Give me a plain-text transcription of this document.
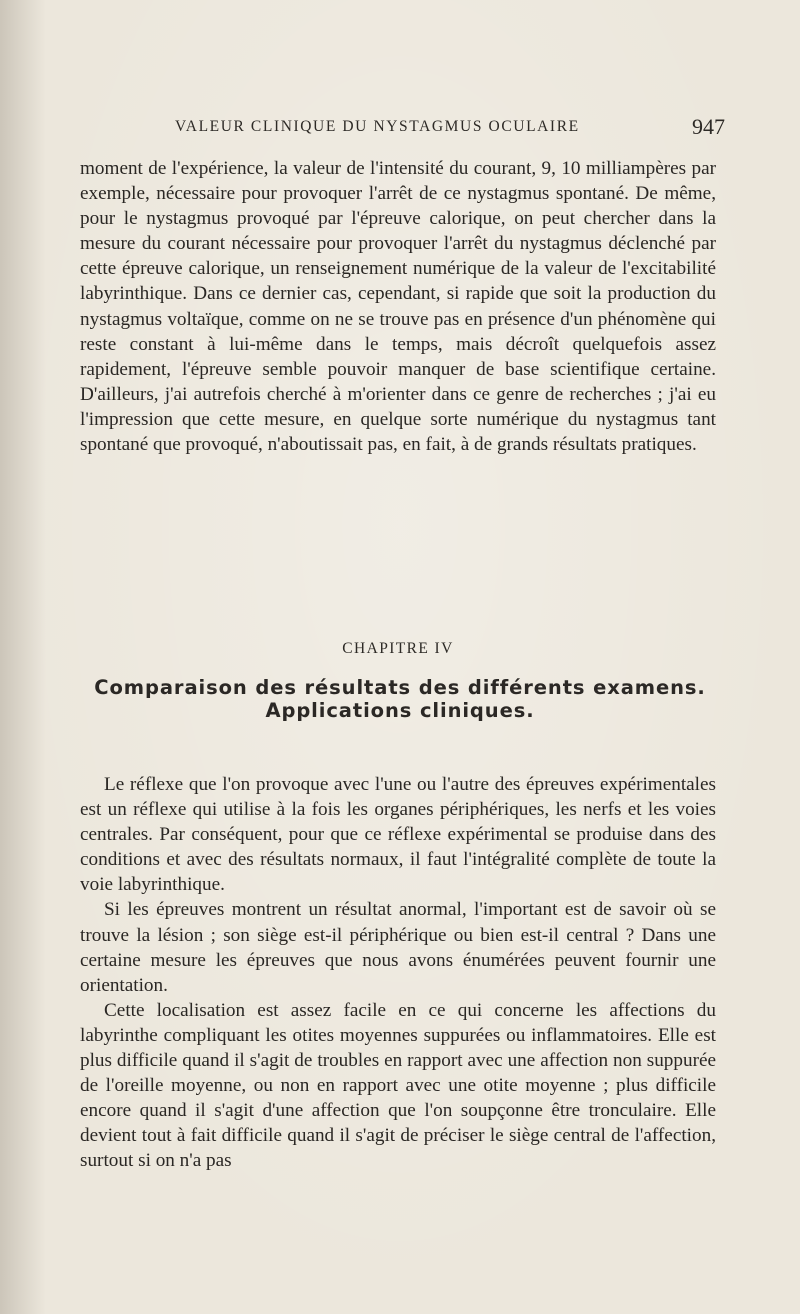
VALEUR CLINIQUE DU NYSTAGMUS OCULAIRE	947

moment de l'expérience, la valeur de l'intensité du courant, 9, 10 milliampères par exemple, nécessaire pour provoquer l'arrêt de ce nystagmus spontané. De même, pour le nystagmus provoqué par l'épreuve calorique, on peut chercher dans la mesure du courant nécessaire pour provoquer l'arrêt du nystagmus déclenché par cette épreuve calorique, un renseignement numérique de la valeur de l'excitabilité labyrinthique. Dans ce dernier cas, cependant, si rapide que soit la production du nystagmus voltaïque, comme on ne se trouve pas en présence d'un phénomène qui reste constant à lui-même dans le temps, mais décroît quelquefois assez rapidement, l'épreuve semble pouvoir manquer de base scientifique certaine. D'ailleurs, j'ai autrefois cherché à m'orienter dans ce genre de recherches ; j'ai eu l'impression que cette mesure, en quelque sorte numérique du nystagmus tant spontané que provoqué, n'aboutissait pas, en fait, à de grands résultats pratiques.

CHAPITRE IV
Comparaison des résultats des différents examens.
Applications cliniques.

Le réflexe que l'on provoque avec l'une ou l'autre des épreuves expérimentales est un réflexe qui utilise à la fois les organes périphériques, les nerfs et les voies centrales. Par conséquent, pour que ce réflexe expérimental se produise dans des conditions et avec des résultats normaux, il faut l'intégralité complète de toute la voie labyrinthique.

Si les épreuves montrent un résultat anormal, l'important est de savoir où se trouve la lésion ; son siège est-il périphérique ou bien est-il central ? Dans une certaine mesure les épreuves que nous avons énumérées peuvent fournir une orientation.

Cette localisation est assez facile en ce qui concerne les affections du labyrinthe compliquant les otites moyennes suppurées ou inflammatoires. Elle est plus difficile quand il s'agit de troubles en rapport avec une affection non suppurée de l'oreille moyenne, ou non en rapport avec une otite moyenne ; plus difficile encore quand il s'agit d'une affection que l'on soupçonne être tronculaire. Elle devient tout à fait difficile quand il s'agit de préciser le siège central de l'affection, surtout si on n'a pas
